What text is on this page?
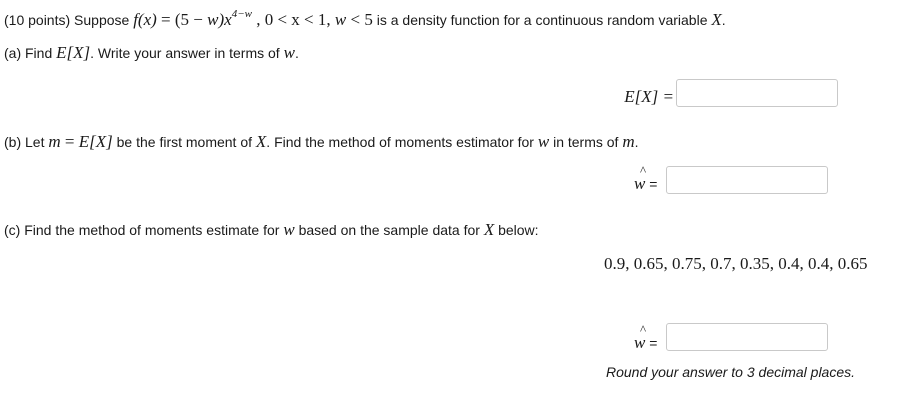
(10 points) Suppose $f(x) = (5 - w)x^{4-w}$ , 0 < x < 1, w < 5 is a density function for a continuous random variable X.
(a) Find E[X]. Write your answer in terms of w.
E[X] =
(b) Let m = E[X] be the first moment of X. Find the method of moments estimator for w in terms of m.
w
^
=
(c) Find the method of moments estimate for w based on the sample data for X below:
0.9, 0.65, 0.75, 0.7, 0.35, 0.4, 0.4, 0.65
w
^
=
Round your answer to 3 decimal places.
